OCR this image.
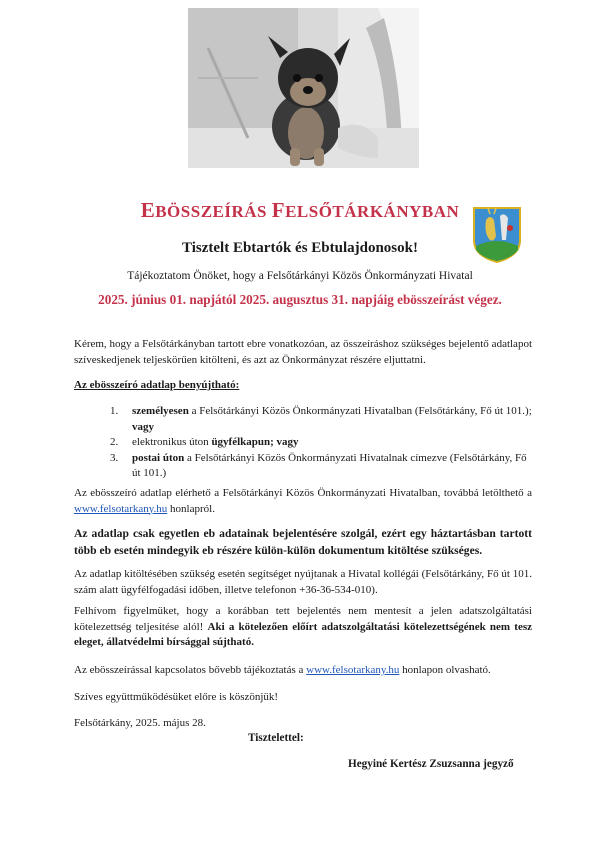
EBÖSSZEÍRÁS FELSŐTÁRKÁNYBAN
Tisztelt Ebtartók és Ebtulajdonosok!
Tájékoztatom Önöket, hogy a Felsőtárkányi Közös Önkormányzati Hivatal
2025. június 01. napjától 2025. augusztus 31. napjáig ebösszeírást végez.

Kérem, hogy a Felsőtárkányban tartott ebre vonatkozóan, az összeíráshoz szükséges bejelentő adatlapot szíveskedjenek teljeskörűen kitölteni, és azt az Önkormányzat részére eljuttatni.

Az ebösszeíró adatlap benyújtható:

1. személyesen a Felsőtárkányi Közös Önkormányzati Hivatalban (Felsőtárkány, Fő út 101.); vagy
2. elektronikus úton ügyfélkapun; vagy
3. postai úton a Felsőtárkányi Közös Önkormányzati Hivatalnak címezve (Felsőtárkány, Fő út 101.)

Az ebösszeíró adatlap elérhető a Felsőtárkányi Közös Önkormányzati Hivatalban, továbbá letölthető a www.felsotarkany.hu honlapról.

Az adatlap csak egyetlen eb adatainak bejelentésére szolgál, ezért egy háztartásban tartott több eb esetén mindegyik eb részére külön-külön dokumentum kitöltése szükséges.

Az adatlap kitöltésében szükség esetén segítséget nyújtanak a Hivatal kollégái (Felsőtárkány, Fő út 101. szám alatt ügyfélfogadási időben, illetve telefonon +36-36-534-010).

Felhívom figyelmüket, hogy a korábban tett bejelentés nem mentesít a jelen adatszolgáltatási kötelezettség teljesítése alól! Aki a kötelezően előírt adatszolgáltatási kötelezettségének nem tesz eleget, állatvédelmi bírsággal sújtható.

Az ebösszeírással kapcsolatos bővebb tájékoztatás a www.felsotarkany.hu honlapon olvasható.

Szíves együttműködésüket előre is köszönjük!

Felsőtárkány, 2025. május 28.

Tisztelettel:
Hegyiné Kertész Zsuzsanna jegyző
